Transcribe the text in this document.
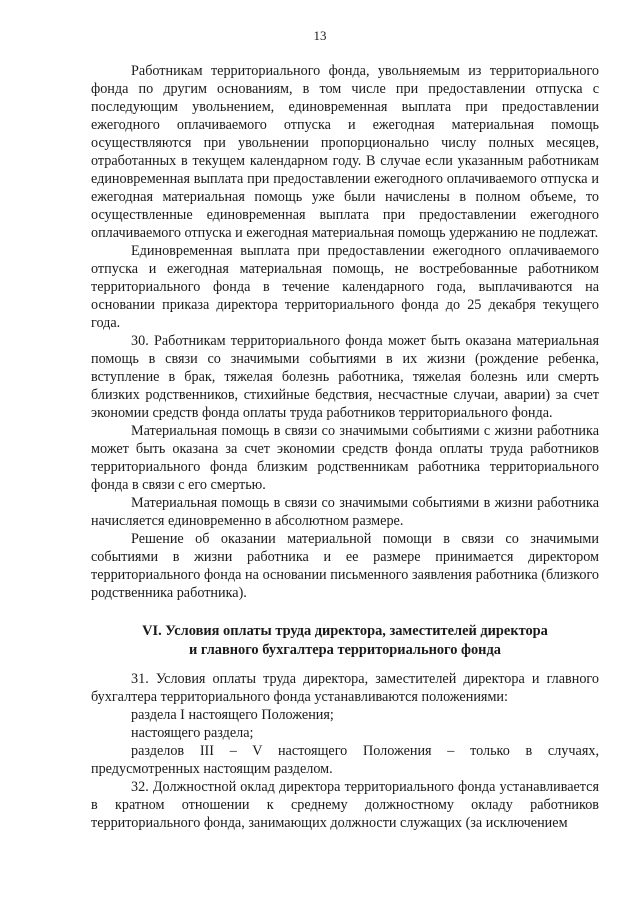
13

Работникам территориального фонда, увольняемым из территориального фонда по другим основаниям, в том числе при предоставлении отпуска с последующим увольнением, единовременная выплата при предоставлении ежегодного оплачиваемого отпуска и ежегодная материальная помощь осуществляются при увольнении пропорционально числу полных месяцев, отработанных в текущем календарном году. В случае если указанным работникам единовременная выплата при предоставлении ежегодного оплачиваемого отпуска и ежегодная материальная помощь уже были начислены в полном объеме, то осуществленные единовременная выплата при предоставлении ежегодного оплачиваемого отпуска и ежегодная материальная помощь удержанию не подлежат.

Единовременная выплата при предоставлении ежегодного оплачиваемого отпуска и ежегодная материальная помощь, не востребованные работником территориального фонда в течение календарного года, выплачиваются на основании приказа директора территориального фонда до 25 декабря текущего года.

30. Работникам территориального фонда может быть оказана материальная помощь в связи со значимыми событиями в их жизни (рождение ребенка, вступление в брак, тяжелая болезнь работника, тяжелая болезнь или смерть близких родственников, стихийные бедствия, несчастные случаи, аварии) за счет экономии средств фонда оплаты труда работников территориального фонда.

Материальная помощь в связи со значимыми событиями с жизни работника может быть оказана за счет экономии средств фонда оплаты труда работников территориального фонда близким родственникам работника территориального фонда в связи с его смертью.

Материальная помощь в связи со значимыми событиями в жизни работника начисляется единовременно в абсолютном размере.

Решение об оказании материальной помощи в связи со значимыми событиями в жизни работника и ее размере принимается директором территориального фонда на основании письменного заявления работника (близкого родственника работника).

VI. Условия оплаты труда директора, заместителей директора
и главного бухгалтера территориального фонда

31. Условия оплаты труда директора, заместителей директора и главного бухгалтера территориального фонда устанавливаются положениями:

раздела I настоящего Положения;

настоящего раздела;

разделов III – V настоящего Положения – только в случаях, предусмотренных настоящим разделом.

32. Должностной оклад директора территориального фонда устанавливается в кратном отношении к среднему должностному окладу работников территориального фонда, занимающих должности служащих (за исключением
